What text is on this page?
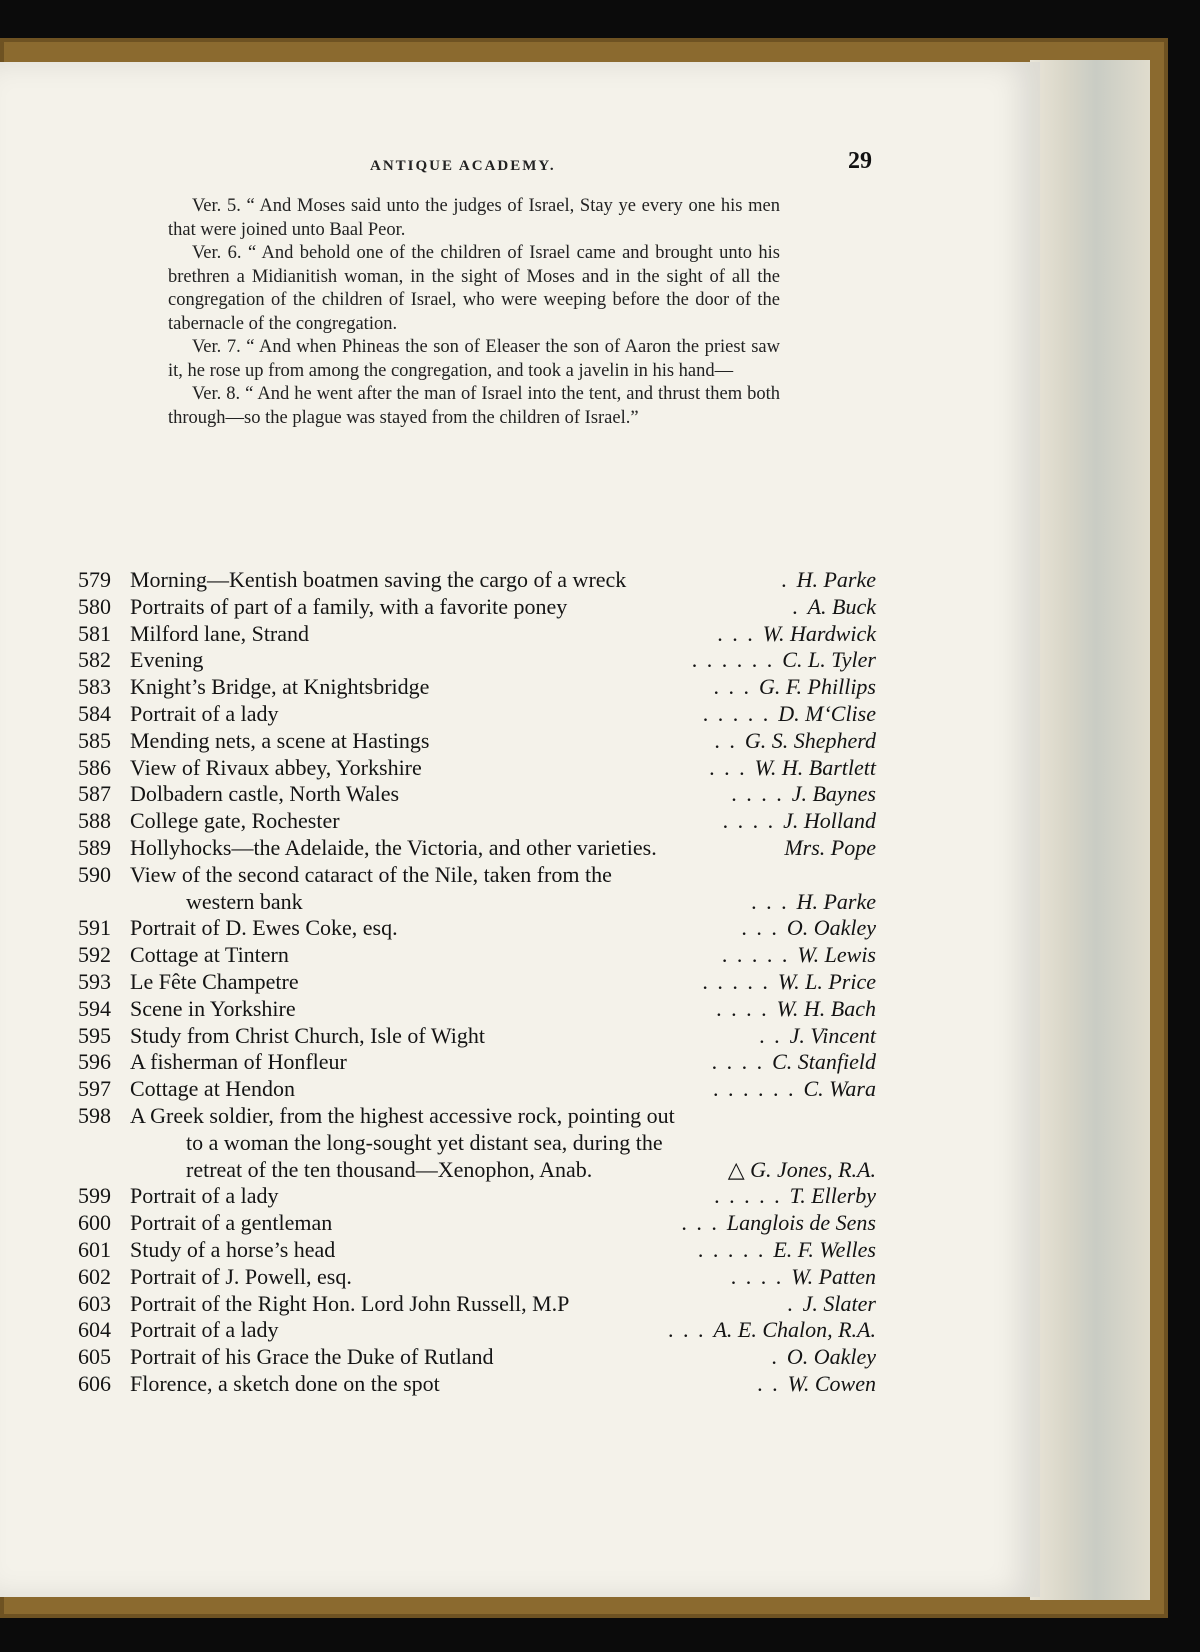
ANTIQUE ACADEMY.	29

Ver. 5. “ And Moses said unto the judges of Israel, Stay ye every one his men that were joined unto Baal Peor.

Ver. 6. “ And behold one of the children of Israel came and brought unto his brethren a Midianitish woman, in the sight of Moses and in the sight of all the congregation of the children of Israel, who were weeping before the door of the tabernacle of the congregation.

Ver. 7. “ And when Phineas the son of Eleaser the son of Aaron the priest saw it, he rose up from among the congregation, and took a javelin in his hand—

Ver. 8. “ And he went after the man of Israel into the tent, and thrust them both through—so the plague was stayed from the children of Israel.”

579 Morning—Kentish boatmen saving the cargo of a wreck	. H. Parke
580 Portraits of part of a family, with a favorite poney	. A. Buck
581 Milford lane, Strand	. . . W. Hardwick
582 Evening	. . . . . . C. L. Tyler
583 Knight’s Bridge, at Knightsbridge	. . . G. F. Phillips
584 Portrait of a lady	. . . . . D. M‘Clise
585 Mending nets, a scene at Hastings	. . G. S. Shepherd
586 View of Rivaux abbey, Yorkshire	. . . W. H. Bartlett
587 Dolbadern castle, North Wales	. . . . J. Baynes
588 College gate, Rochester	. . . . J. Holland
589 Hollyhocks—the Adelaide, the Victoria, and other varieties.	Mrs. Pope
590 View of the second cataract of the Nile, taken from the
western bank	. . . H. Parke
591 Portrait of D. Ewes Coke, esq.	. . . O. Oakley
592 Cottage at Tintern	. . . . . W. Lewis
593 Le Fête Champetre	. . . . . W. L. Price
594 Scene in Yorkshire	. . . . W. H. Bach
595 Study from Christ Church, Isle of Wight	. . J. Vincent
596 A fisherman of Honfleur	. . . . C. Stanfield
597 Cottage at Hendon	. . . . . . C. Wara
598 A Greek soldier, from the highest accessive rock, pointing out
to a woman the long-sought yet distant sea, during the
retreat of the ten thousand—Xenophon, Anab.	△ G. Jones, R.A.
599 Portrait of a lady	. . . . . T. Ellerby
600 Portrait of a gentleman	. . . Langlois de Sens
601 Study of a horse’s head	. . . . . E. F. Welles
602 Portrait of J. Powell, esq.	. . . . W. Patten
603 Portrait of the Right Hon. Lord John Russell, M.P	. J. Slater
604 Portrait of a lady	. . . A. E. Chalon, R.A.
605 Portrait of his Grace the Duke of Rutland	. O. Oakley
606 Florence, a sketch done on the spot	. . W. Cowen
